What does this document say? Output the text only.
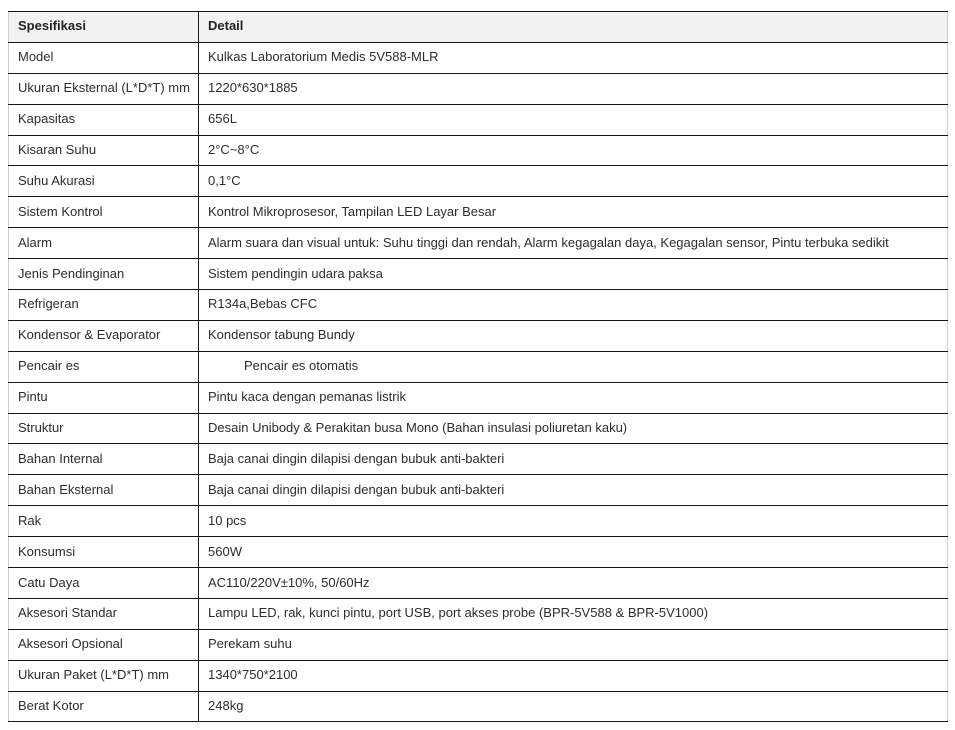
Spesifikasi	Detail
Model	Kulkas Laboratorium Medis 5V588-MLR
Ukuran Eksternal (L*D*T) mm	1220*630*1885
Kapasitas	656L
Kisaran Suhu	2°C~8°C
Suhu Akurasi	0,1°C
Sistem Kontrol	Kontrol Mikroprosesor, Tampilan LED Layar Besar
Alarm	Alarm suara dan visual untuk: Suhu tinggi dan rendah, Alarm kegagalan daya, Kegagalan sensor, Pintu terbuka sedikit
Jenis Pendinginan	Sistem pendingin udara paksa
Refrigeran	R134a,Bebas CFC
Kondensor & Evaporator	Kondensor tabung Bundy
Pencair es	Pencair es otomatis
Pintu	Pintu kaca dengan pemanas listrik
Struktur	Desain Unibody & Perakitan busa Mono (Bahan insulasi poliuretan kaku)
Bahan Internal	Baja canai dingin dilapisi dengan bubuk anti-bakteri
Bahan Eksternal	Baja canai dingin dilapisi dengan bubuk anti-bakteri
Rak	10 pcs
Konsumsi	560W
Catu Daya	AC110/220V±10%, 50/60Hz
Aksesori Standar	Lampu LED, rak, kunci pintu, port USB, port akses probe (BPR-5V588 & BPR-5V1000)
Aksesori Opsional	Perekam suhu
Ukuran Paket (L*D*T) mm	1340*750*2100
Berat Kotor	248kg
